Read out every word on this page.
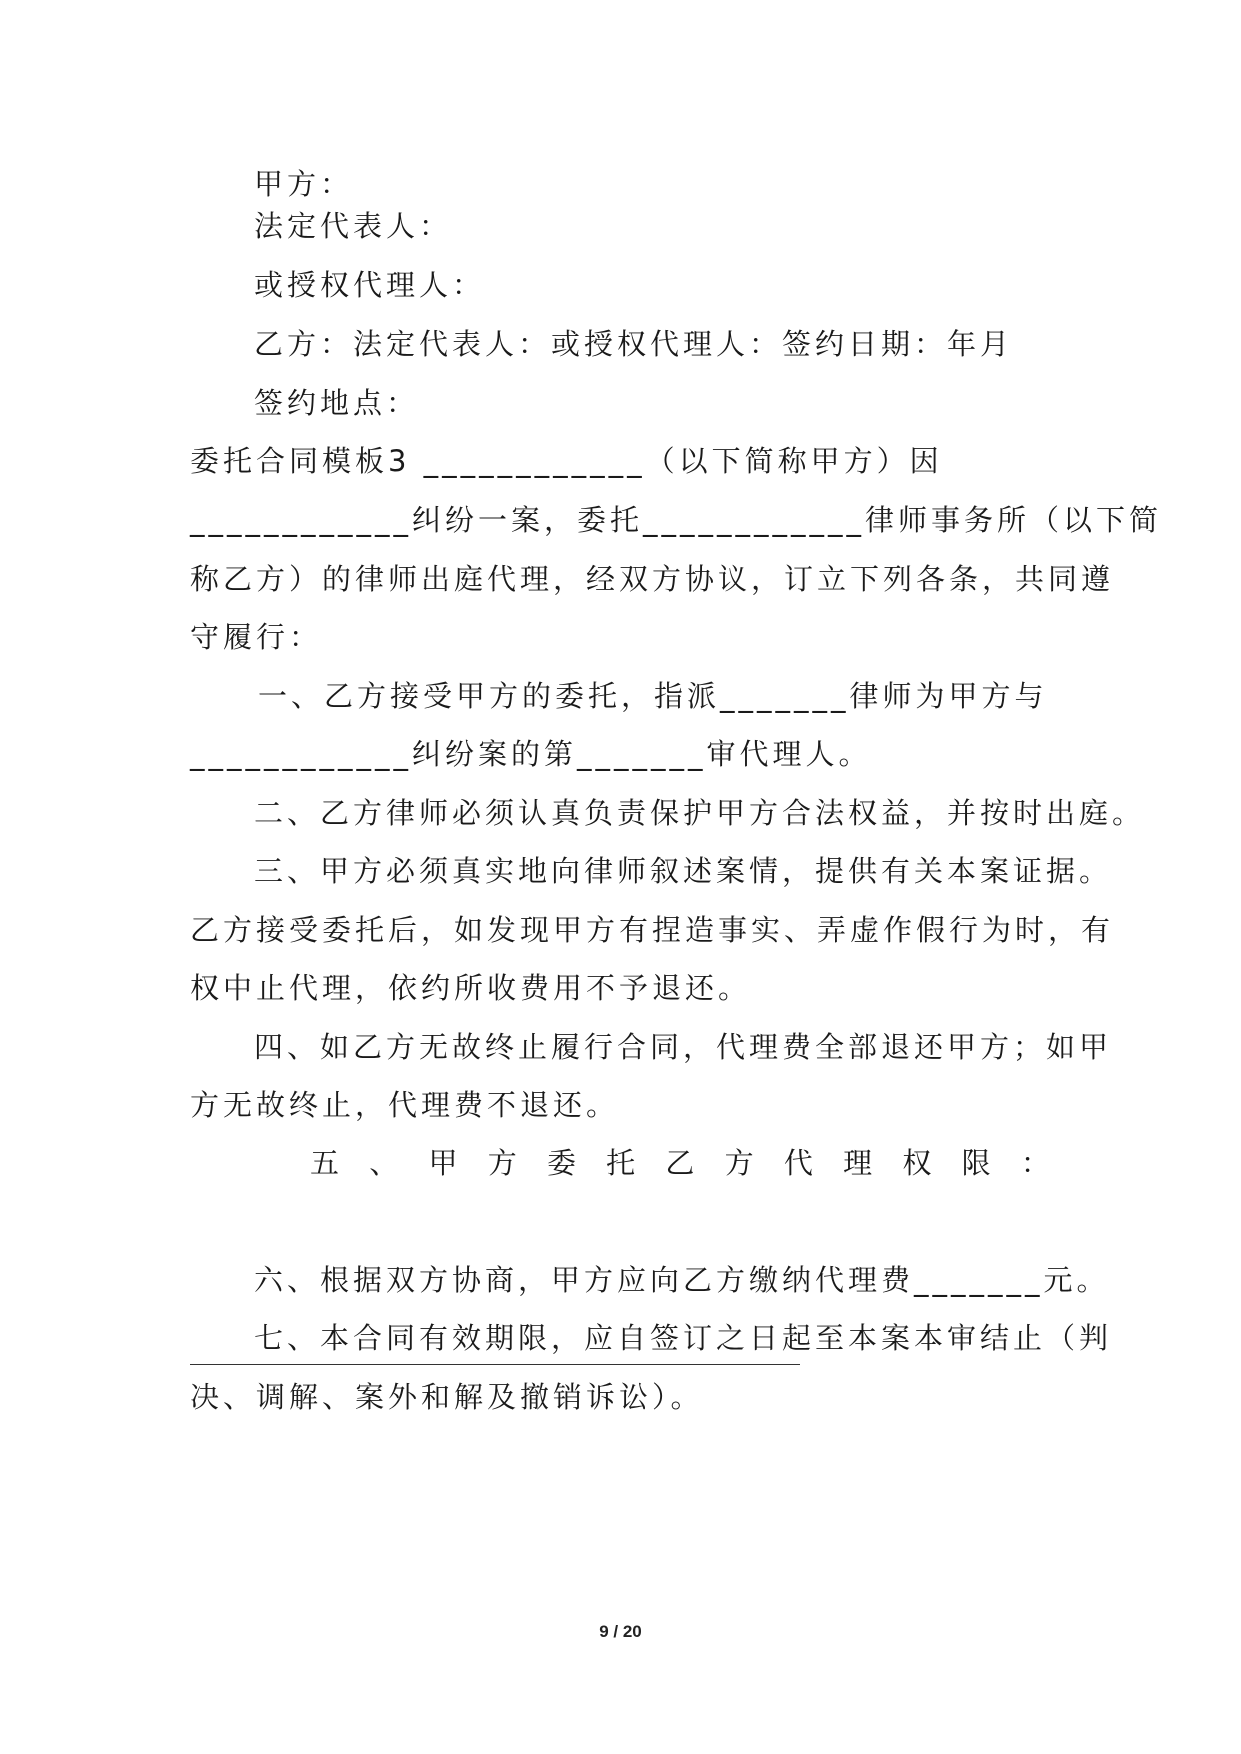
甲方：

法定代表人：

或授权代理人：

乙方：法定代表人：或授权代理人：签约日期：年月

签约地点：

委托合同模板3 ____________（以下简称甲方）因

____________纠纷一案，委托____________律师事务所（以下简

称乙方）的律师出庭代理，经双方协议，订立下列各条，共同遵

守履行：

一、乙方接受甲方的委托，指派_______律师为甲方与

____________纠纷案的第_______审代理人。

二、乙方律师必须认真负责保护甲方合法权益，并按时出庭。

三、甲方必须真实地向律师叙述案情，提供有关本案证据。

乙方接受委托后，如发现甲方有捏造事实、弄虚作假行为时，有

权中止代理，依约所收费用不予退还。

四、如乙方无故终止履行合同，代理费全部退还甲方；如甲

方无故终止，代理费不退还。

五 、 甲 方 委 托 乙 方 代 理 权 限 ：

六、根据双方协商，甲方应向乙方缴纳代理费_______元。

七、本合同有效期限，应自签订之日起至本案本审结止（判

决、调解、案外和解及撤销诉讼）。

9 / 20
